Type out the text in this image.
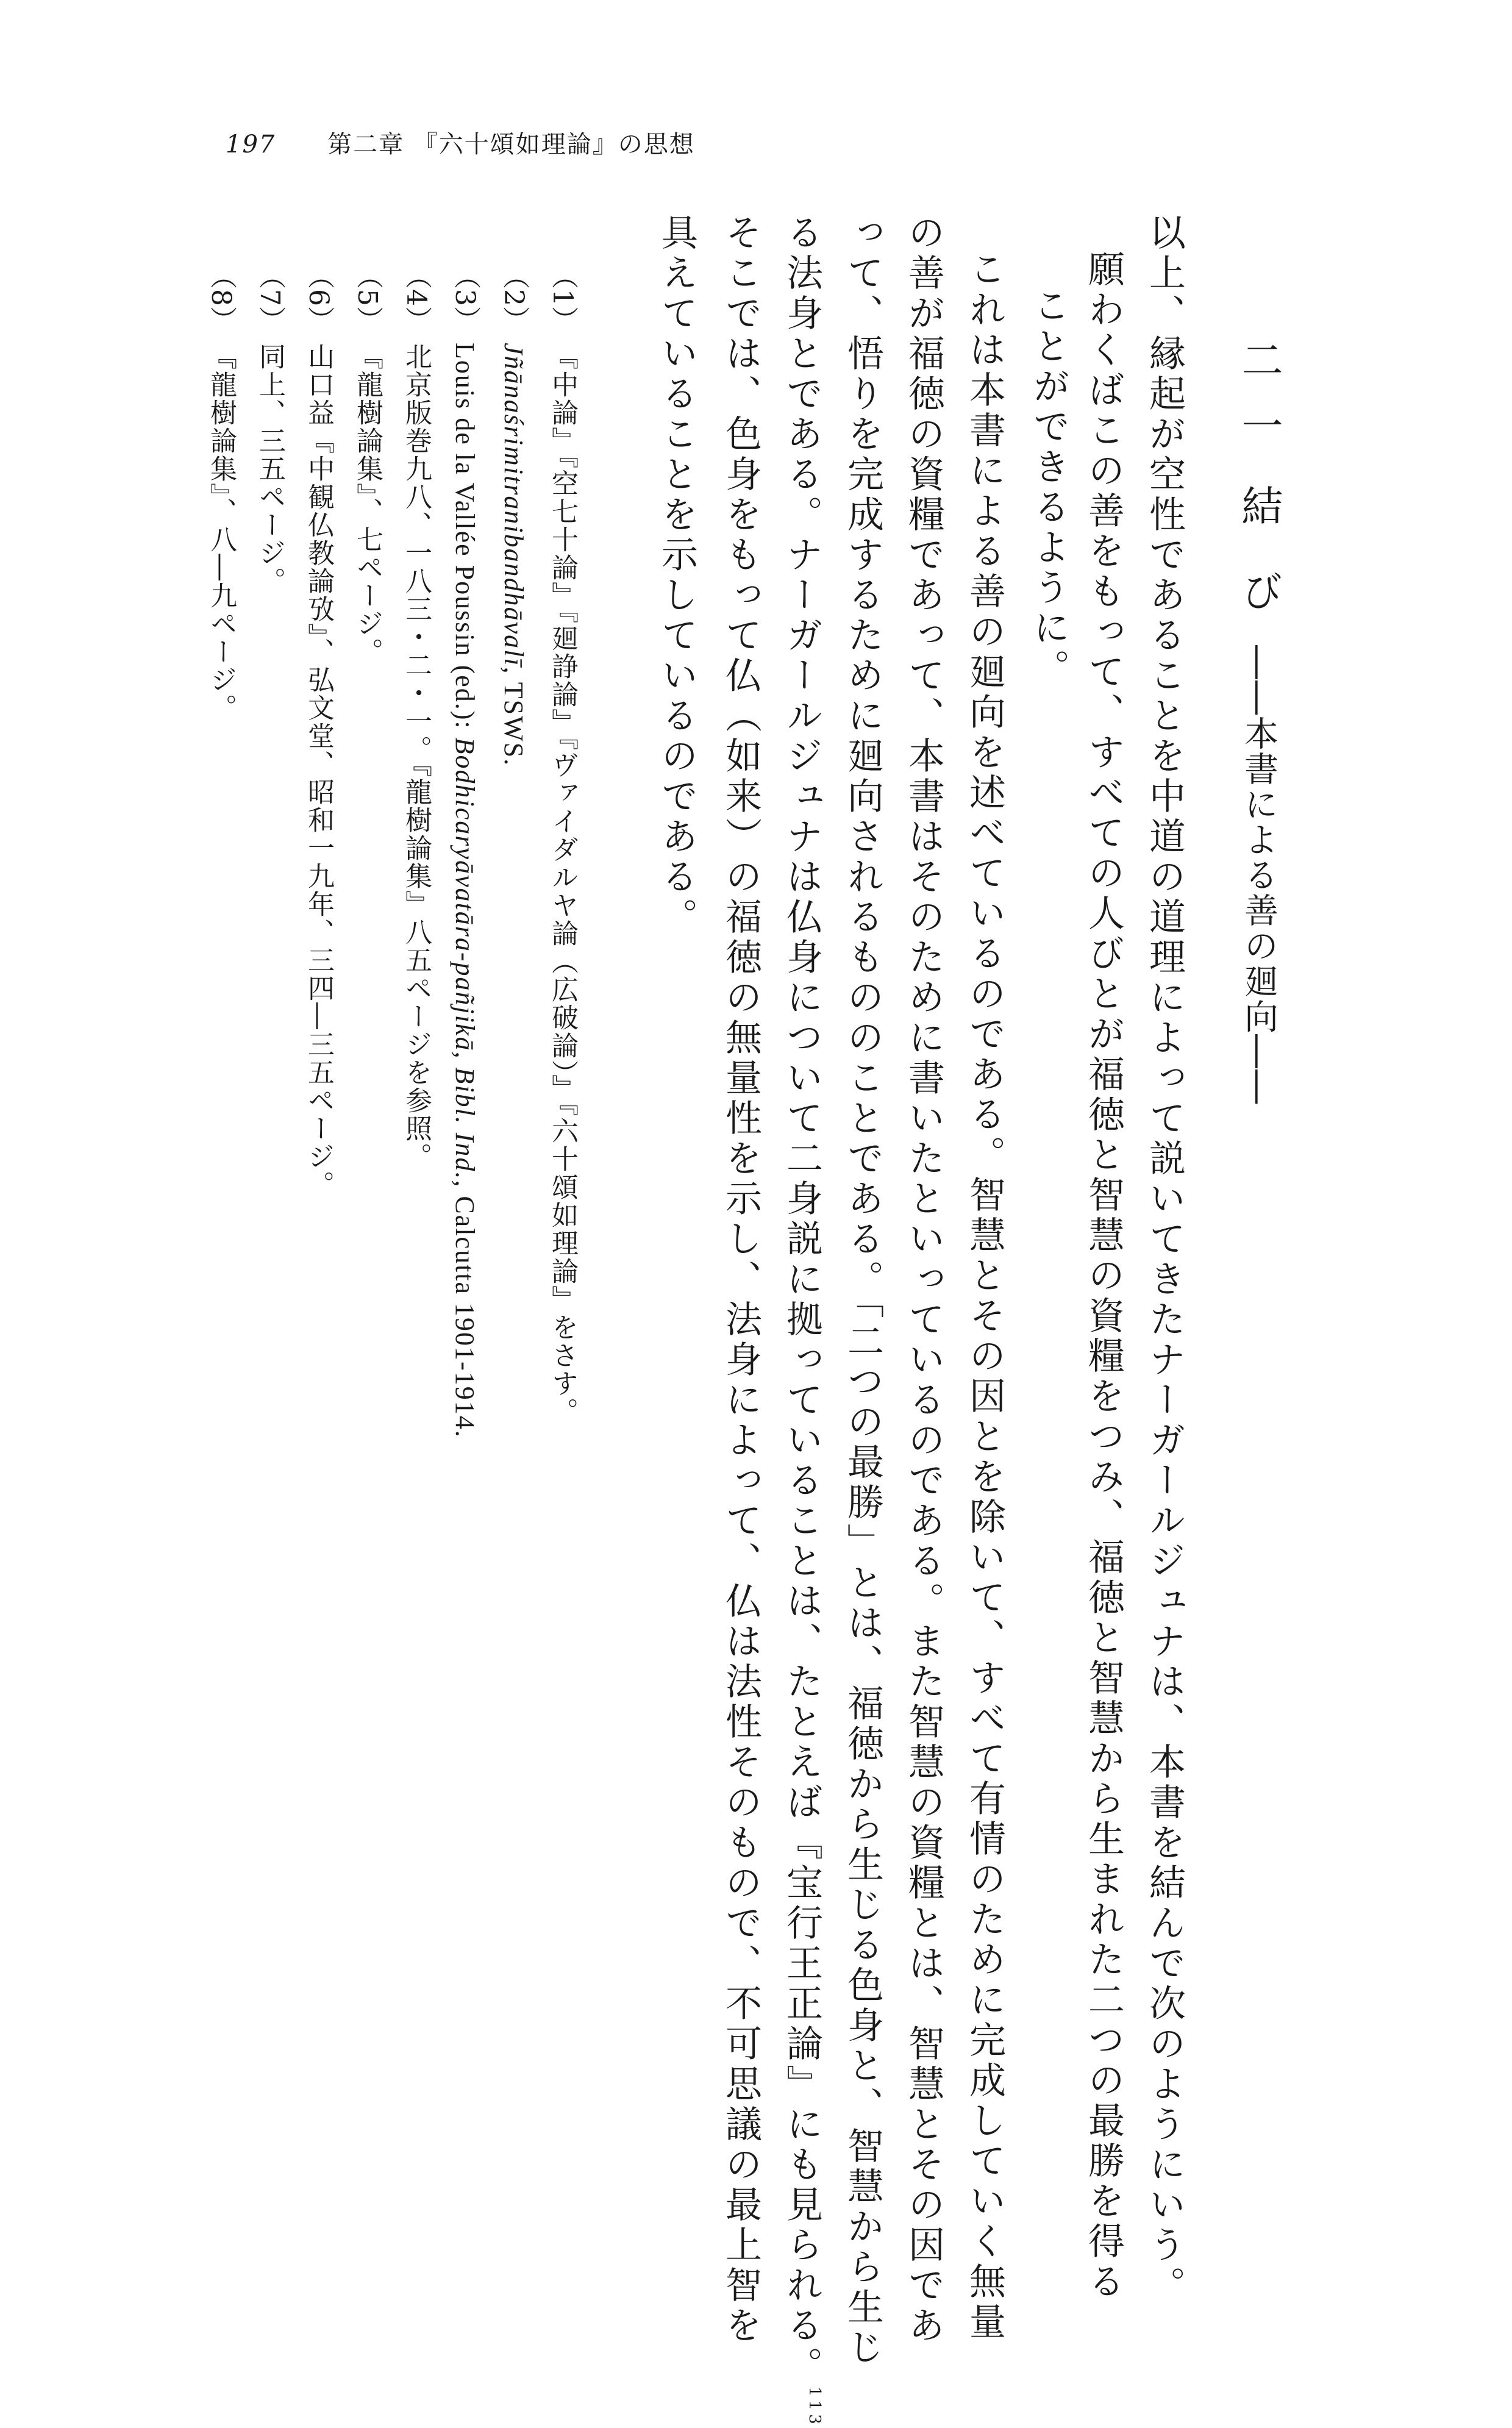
197 第二章 『六十頌如理論』の思想
二一 結　び ――本書による善の廻向――
以上、縁起が空性であることを中道の道理によって説いてきたナーガールジュナは、本書を結んで次のようにいう。
願わくばこの善をもって、すべての人びとが福徳と智慧の資糧をつみ、福徳と智慧から生まれた二つの最勝を得る
ことができるように。
これは本書による善の廻向を述べているのである。智慧とその因とを除いて、すべて有情のために完成していく無量
の善が福徳の資糧であって、本書はそのために書いたといっているのである。また智慧の資糧とは、智慧とその因であ
って、悟りを完成するために廻向されるもののことである。「二つの最勝」とは、福徳から生じる色身と、智慧から生じ
る法身とである。ナーガールジュナは仏身について二身説に拠っていることは、たとえば『宝行王正論』にも見られる。$^{113}$
そこでは、色身をもって仏（如来）の福徳の無量性を示し、法身によって、仏は法性そのもので、不可思議の最上智を
具えていることを示しているのである。
（1） 『中論』『空七十論』『廻諍論』『ヴァイダルヤ論（広破論）』『六十頌如理論』をさす。
（2） Jñānaśrimitranibandhāvalī, TSWS.
（3） Louis de la Vallée Poussin (ed.): Bodhicaryāvatāra-pañjikā, Bibl. Ind., Calcutta 1901-1914.
（4） 北京版巻九八、一八三・二・一。『龍樹論集』八五ページを参照。
（5） 『龍樹論集』、七ページ。
（6） 山口益『中観仏教論攷』、弘文堂、昭和一九年、三四―三五ページ。
（7） 同上、三五ページ。
（8） 『龍樹論集』、八―九ページ。
